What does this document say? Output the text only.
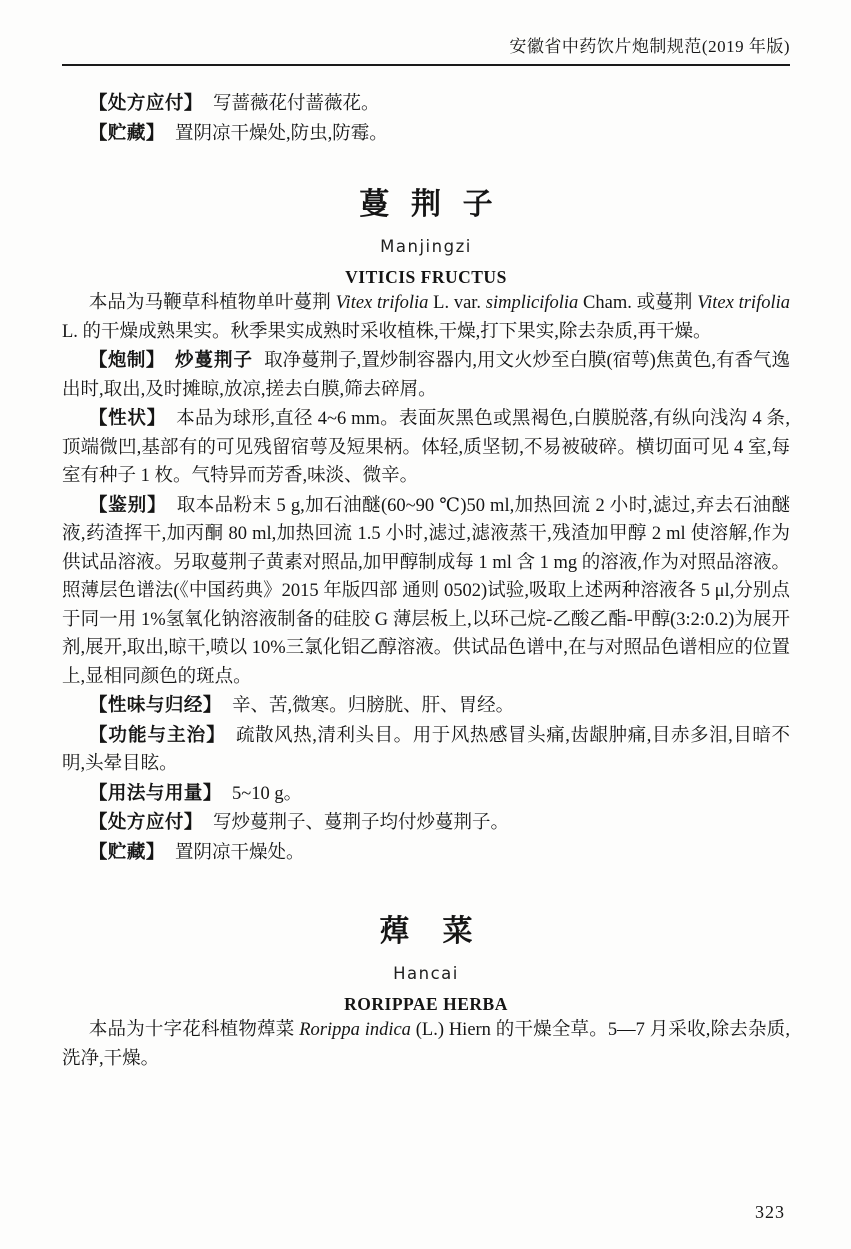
安徽省中药饮片炮制规范(2019 年版)

【处方应付】 写蔷薇花付蔷薇花。

【贮藏】 置阴凉干燥处,防虫,防霉。

蔓荆子

Manjingzi

VITICIS FRUCTUS

本品为马鞭草科植物单叶蔓荆 Vitex trifolia L. var. simplicifolia Cham. 或蔓荆 Vitex trifolia L. 的干燥成熟果实。秋季果实成熟时采收植株,干燥,打下果实,除去杂质,再干燥。

【炮制】 炒蔓荆子 取净蔓荆子,置炒制容器内,用文火炒至白膜(宿萼)焦黄色,有香气逸出时,取出,及时摊晾,放凉,搓去白膜,筛去碎屑。

【性状】 本品为球形,直径 4~6 mm。表面灰黑色或黑褐色,白膜脱落,有纵向浅沟 4 条,顶端微凹,基部有的可见残留宿萼及短果柄。体轻,质坚韧,不易被破碎。横切面可见 4 室,每室有种子 1 枚。气特异而芳香,味淡、微辛。

【鉴别】 取本品粉末 5 g,加石油醚(60~90 ℃)50 ml,加热回流 2 小时,滤过,弃去石油醚液,药渣挥干,加丙酮 80 ml,加热回流 1.5 小时,滤过,滤液蒸干,残渣加甲醇 2 ml 使溶解,作为供试品溶液。另取蔓荆子黄素对照品,加甲醇制成每 1 ml 含 1 mg 的溶液,作为对照品溶液。照薄层色谱法(《中国药典》2015 年版四部 通则 0502)试验,吸取上述两种溶液各 5 μl,分别点于同一用 1%氢氧化钠溶液制备的硅胶 G 薄层板上,以环己烷-乙酸乙酯-甲醇(3:2:0.2)为展开剂,展开,取出,晾干,喷以 10%三氯化铝乙醇溶液。供试品色谱中,在与对照品色谱相应的位置上,显相同颜色的斑点。

【性味与归经】 辛、苦,微寒。归膀胱、肝、胃经。

【功能与主治】 疏散风热,清利头目。用于风热感冒头痛,齿龈肿痛,目赤多泪,目暗不明,头晕目眩。

【用法与用量】 5~10 g。

【处方应付】 写炒蔓荆子、蔓荆子均付炒蔓荆子。

【贮藏】 置阴凉干燥处。

蔊菜

Hancai

RORIPPAE HERBA

本品为十字花科植物蔊菜 Rorippa indica (L.) Hiern 的干燥全草。5—7 月采收,除去杂质,洗净,干燥。

323
